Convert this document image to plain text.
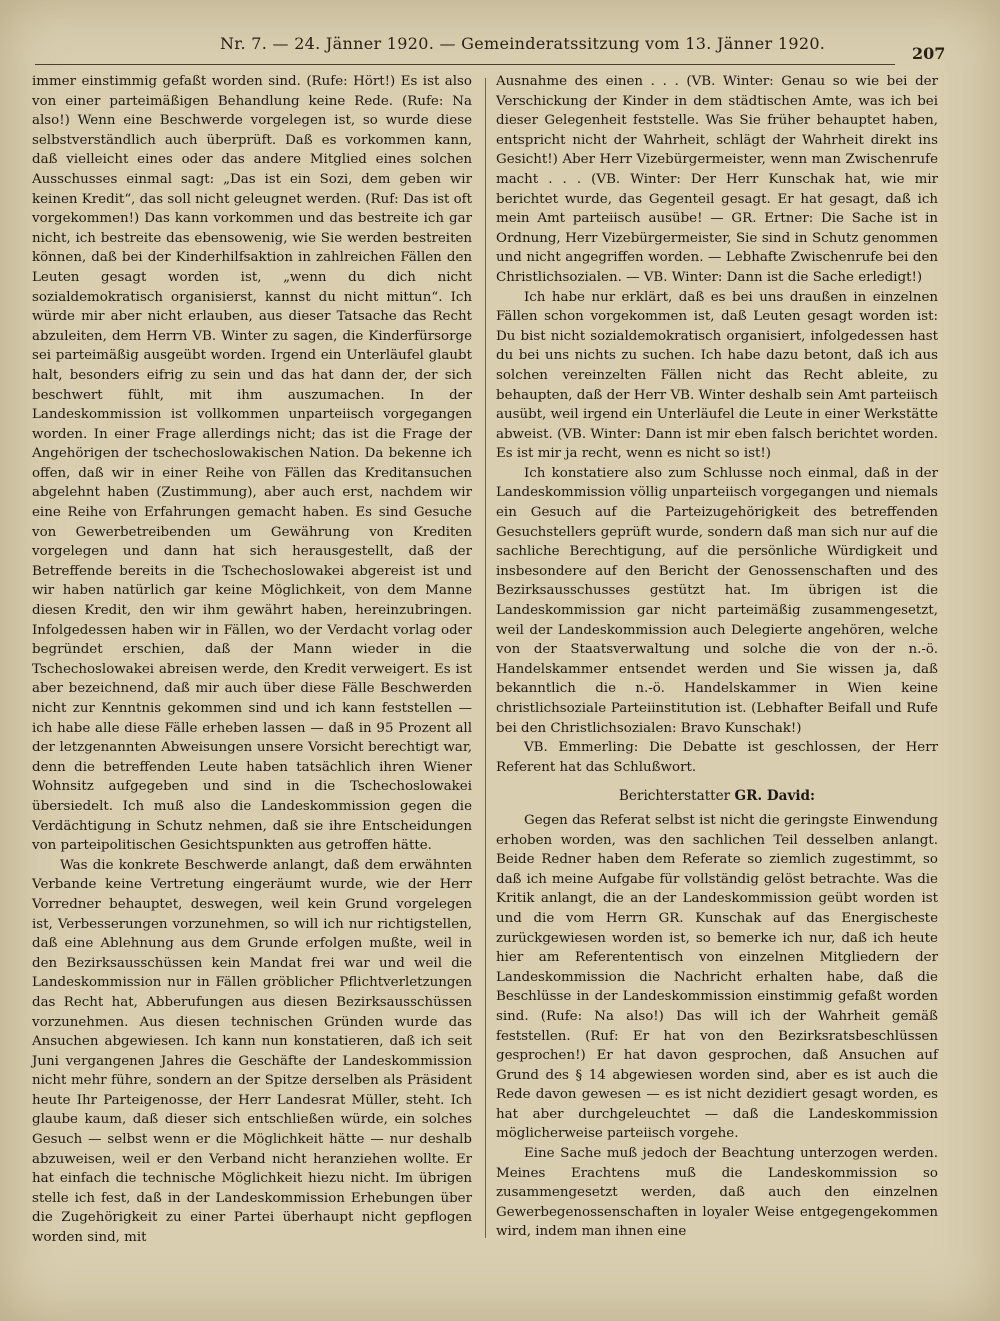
Nr. 7. — 24. Jänner 1920. — Gemeinderatssitzung vom 13. Jänner 1920.
207

immer einstimmig gefaßt worden sind. (Rufe: Hört!) Es ist also von einer parteimäßigen Behandlung keine Rede. (Rufe: Na also!) Wenn eine Beschwerde vorgelegen ist, so wurde diese selbstverständlich auch überprüft. Daß es vorkommen kann, daß vielleicht eines oder das andere Mitglied eines solchen Ausschusses einmal sagt: „Das ist ein Sozi, dem geben wir keinen Kredit“, das soll nicht geleugnet werden. (Ruf: Das ist oft vorgekommen!) Das kann vorkommen und das bestreite ich gar nicht, ich bestreite das ebensowenig, wie Sie werden bestreiten können, daß bei der Kinderhilfsaktion in zahlreichen Fällen den Leuten gesagt worden ist, „wenn du dich nicht sozialdemokratisch organisierst, kannst du nicht mittun“. Ich würde mir aber nicht erlauben, aus dieser Tatsache das Recht abzuleiten, dem Herrn VB. Winter zu sagen, die Kinderfürsorge sei parteimäßig ausgeübt worden. Irgend ein Unterläufel glaubt halt, besonders eifrig zu sein und das hat dann der, der sich beschwert fühlt, mit ihm auszumachen. In der Landeskommission ist vollkommen unparteiisch vorgegangen worden. In einer Frage allerdings nicht; das ist die Frage der Angehörigen der tschechoslowakischen Nation. Da bekenne ich offen, daß wir in einer Reihe von Fällen das Kreditansuchen abgelehnt haben (Zustimmung), aber auch erst, nachdem wir eine Reihe von Erfahrungen gemacht haben. Es sind Gesuche von Gewerbetreibenden um Gewährung von Krediten vorgelegen und dann hat sich herausgestellt, daß der Betreffende bereits in die Tschechoslowakei abgereist ist und wir haben natürlich gar keine Möglichkeit, von dem Manne diesen Kredit, den wir ihm gewährt haben, hereinzubringen. Infolgedessen haben wir in Fällen, wo der Verdacht vorlag oder begründet erschien, daß der Mann wieder in die Tschechoslowakei abreisen werde, den Kredit verweigert. Es ist aber bezeichnend, daß mir auch über diese Fälle Beschwerden nicht zur Kenntnis gekommen sind und ich kann feststellen — ich habe alle diese Fälle erheben lassen — daß in 95 Prozent all der letzgenannten Abweisungen unsere Vorsicht berechtigt war, denn die betreffenden Leute haben tatsächlich ihren Wiener Wohnsitz aufgegeben und sind in die Tschechoslowakei übersiedelt. Ich muß also die Landeskommission gegen die Verdächtigung in Schutz nehmen, daß sie ihre Entscheidungen von parteipolitischen Gesichtspunkten aus getroffen hätte.

Was die konkrete Beschwerde anlangt, daß dem erwähnten Verbande keine Vertretung eingeräumt wurde, wie der Herr Vorredner behauptet, deswegen, weil kein Grund vorgelegen ist, Verbesserungen vorzunehmen, so will ich nur richtigstellen, daß eine Ablehnung aus dem Grunde erfolgen mußte, weil in den Bezirksausschüssen kein Mandat frei war und weil die Landeskommission nur in Fällen gröblicher Pflichtverletzungen das Recht hat, Abberufungen aus diesen Bezirksausschüssen vorzunehmen. Aus diesen technischen Gründen wurde das Ansuchen abgewiesen. Ich kann nun konstatieren, daß ich seit Juni vergangenen Jahres die Geschäfte der Landeskommission nicht mehr führe, sondern an der Spitze derselben als Präsident heute Ihr Parteigenosse, der Herr Landesrat Müller, steht. Ich glaube kaum, daß dieser sich entschließen würde, ein solches Gesuch — selbst wenn er die Möglichkeit hätte — nur deshalb abzuweisen, weil er den Verband nicht heranziehen wollte. Er hat einfach die technische Möglichkeit hiezu nicht. Im übrigen stelle ich fest, daß in der Landeskommission Erhebungen über die Zugehörigkeit zu einer Partei überhaupt nicht gepflogen worden sind, mit

Ausnahme des einen . . . (VB. Winter: Genau so wie bei der Verschickung der Kinder in dem städtischen Amte, was ich bei dieser Gelegenheit feststelle. Was Sie früher behauptet haben, entspricht nicht der Wahrheit, schlägt der Wahrheit direkt ins Gesicht!) Aber Herr Vizebürgermeister, wenn man Zwischenrufe macht . . . (VB. Winter: Der Herr Kunschak hat, wie mir berichtet wurde, das Gegenteil gesagt. Er hat gesagt, daß ich mein Amt parteiisch ausübe! — GR. Ertner: Die Sache ist in Ordnung, Herr Vizebürgermeister, Sie sind in Schutz genommen und nicht angegriffen worden. — Lebhafte Zwischenrufe bei den Christlichsozialen. — VB. Winter: Dann ist die Sache erledigt!)

Ich habe nur erklärt, daß es bei uns draußen in einzelnen Fällen schon vorgekommen ist, daß Leuten gesagt worden ist: Du bist nicht sozialdemokratisch organisiert, infolgedessen hast du bei uns nichts zu suchen. Ich habe dazu betont, daß ich aus solchen vereinzelten Fällen nicht das Recht ableite, zu behaupten, daß der Herr VB. Winter deshalb sein Amt parteiisch ausübt, weil irgend ein Unterläufel die Leute in einer Werkstätte abweist. (VB. Winter: Dann ist mir eben falsch berichtet worden. Es ist mir ja recht, wenn es nicht so ist!)

Ich konstatiere also zum Schlusse noch einmal, daß in der Landeskommission völlig unparteiisch vorgegangen und niemals ein Gesuch auf die Parteizugehörigkeit des betreffenden Gesuchstellers geprüft wurde, sondern daß man sich nur auf die sachliche Berechtigung, auf die persönliche Würdigkeit und insbesondere auf den Bericht der Genossenschaften und des Bezirksausschusses gestützt hat. Im übrigen ist die Landeskommission gar nicht parteimäßig zusammengesetzt, weil der Landeskommission auch Delegierte angehören, welche von der Staatsverwaltung und solche die von der n.-ö. Handelskammer entsendet werden und Sie wissen ja, daß bekanntlich die n.-ö. Handelskammer in Wien keine christlichsoziale Parteiinstitution ist. (Lebhafter Beifall und Rufe bei den Christlichsozialen: Bravo Kunschak!)

VB. Emmerling: Die Debatte ist geschlossen, der Herr Referent hat das Schlußwort.

Berichterstatter GR. David:

Gegen das Referat selbst ist nicht die geringste Einwendung erhoben worden, was den sachlichen Teil desselben anlangt. Beide Redner haben dem Referate so ziemlich zugestimmt, so daß ich meine Aufgabe für vollständig gelöst betrachte. Was die Kritik anlangt, die an der Landeskommission geübt worden ist und die vom Herrn GR. Kunschak auf das Energischeste zurückgewiesen worden ist, so bemerke ich nur, daß ich heute hier am Referententisch von einzelnen Mitgliedern der Landeskommission die Nachricht erhalten habe, daß die Beschlüsse in der Landeskommission einstimmig gefaßt worden sind. (Rufe: Na also!) Das will ich der Wahrheit gemäß feststellen. (Ruf: Er hat von den Bezirksratsbeschlüssen gesprochen!) Er hat davon gesprochen, daß Ansuchen auf Grund des § 14 abgewiesen worden sind, aber es ist auch die Rede davon gewesen — es ist nicht dezidiert gesagt worden, es hat aber durchgeleuchtet — daß die Landeskommission möglicherweise parteiisch vorgehe.

Eine Sache muß jedoch der Beachtung unterzogen werden. Meines Erachtens muß die Landeskommission so zusammengesetzt werden, daß auch den einzelnen Gewerbegenossenschaften in loyaler Weise entgegengekommen wird, indem man ihnen eine
